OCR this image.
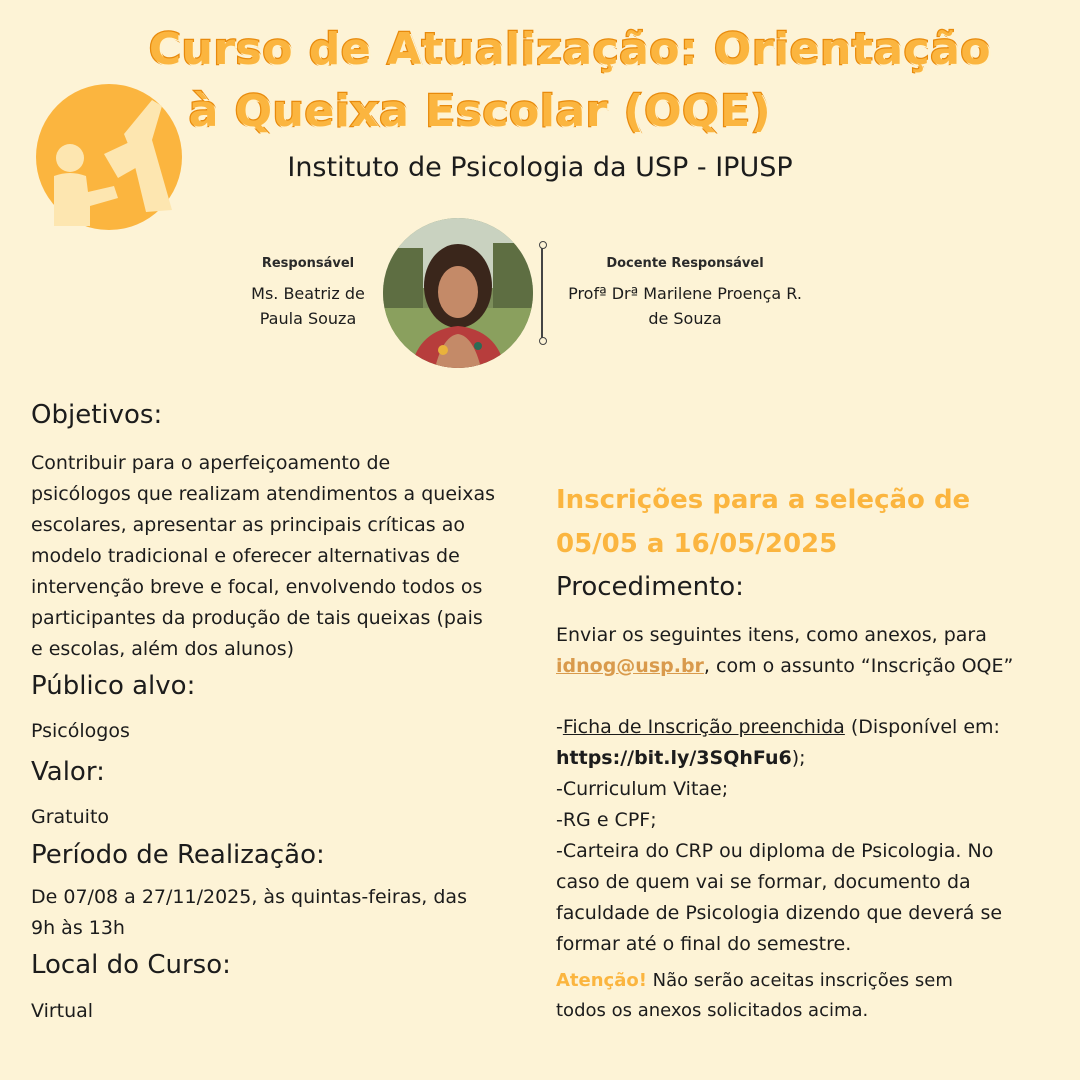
Curso de Atualização: Orientação
à Queixa Escolar (OQE)
Instituto de Psicologia da USP - IPUSP
Responsável
Ms. Beatriz de
Paula Souza
Docente Responsável
Profª Drª Marilene Proença R.
de Souza
Objetivos:
Contribuir para o aperfeiçoamento de
psicólogos que realizam atendimentos a queixas
escolares, apresentar as principais críticas ao
modelo tradicional e oferecer alternativas de
intervenção breve e focal, envolvendo todos os
participantes da produção de tais queixas (pais
e escolas, além dos alunos)
Público alvo:
Psicólogos
Valor:
Gratuito
Período de Realização:
De 07/08 a 27/11/2025, às quintas-feiras, das
9h às 13h
Local do Curso:
Virtual
Inscrições para a seleção de
05/05 a 16/05/2025
Procedimento:
Enviar os seguintes itens, como anexos, para
idnog@usp.br, com o assunto “Inscrição OQE”
-Ficha de Inscrição preenchida (Disponível em:
https://bit.ly/3SQhFu6);
-Curriculum Vitae;
-RG e CPF;
-Carteira do CRP ou diploma de Psicologia. No
caso de quem vai se formar, documento da
faculdade de Psicologia dizendo que deverá se
formar até o final do semestre.
Atenção! Não serão aceitas inscrições sem
todos os anexos solicitados acima.
